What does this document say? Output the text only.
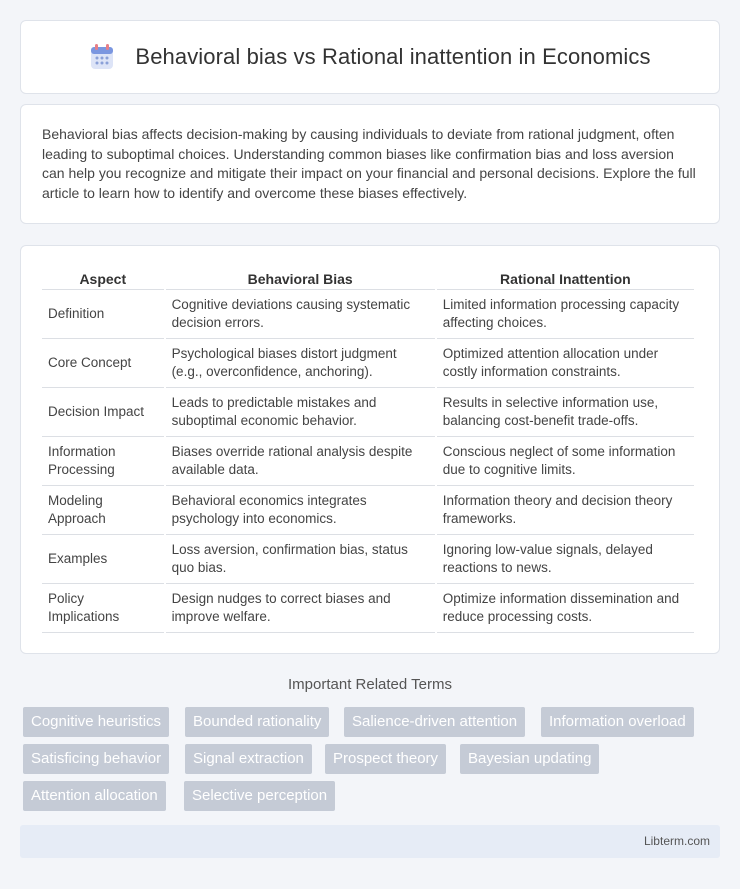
Behavioral bias vs Rational inattention in Economics

Behavioral bias affects decision-making by causing individuals to deviate from rational judgment, often leading to suboptimal choices. Understanding common biases like confirmation bias and loss aversion can help you recognize and mitigate their impact on your financial and personal decisions. Explore the full article to learn how to identify and overcome these biases effectively.

Aspect	Behavioral Bias	Rational Inattention
Definition	Cognitive deviations causing systematic decision errors.	Limited information processing capacity affecting choices.
Core Concept	Psychological biases distort judgment (e.g., overconfidence, anchoring).	Optimized attention allocation under costly information constraints.
Decision Impact	Leads to predictable mistakes and suboptimal economic behavior.	Results in selective information use, balancing cost-benefit trade-offs.
Information Processing	Biases override rational analysis despite available data.	Conscious neglect of some information due to cognitive limits.
Modeling Approach	Behavioral economics integrates psychology into economics.	Information theory and decision theory frameworks.
Examples	Loss aversion, confirmation bias, status quo bias.	Ignoring low-value signals, delayed reactions to news.
Policy Implications	Design nudges to correct biases and improve welfare.	Optimize information dissemination and reduce processing costs.
Important Related Terms
Cognitive heuristics	Bounded rationality	Salience-driven attention	Information overload
Satisficing behavior	Signal extraction	Prospect theory	Bayesian updating
Attention allocation	Selective perception
Libterm.com
